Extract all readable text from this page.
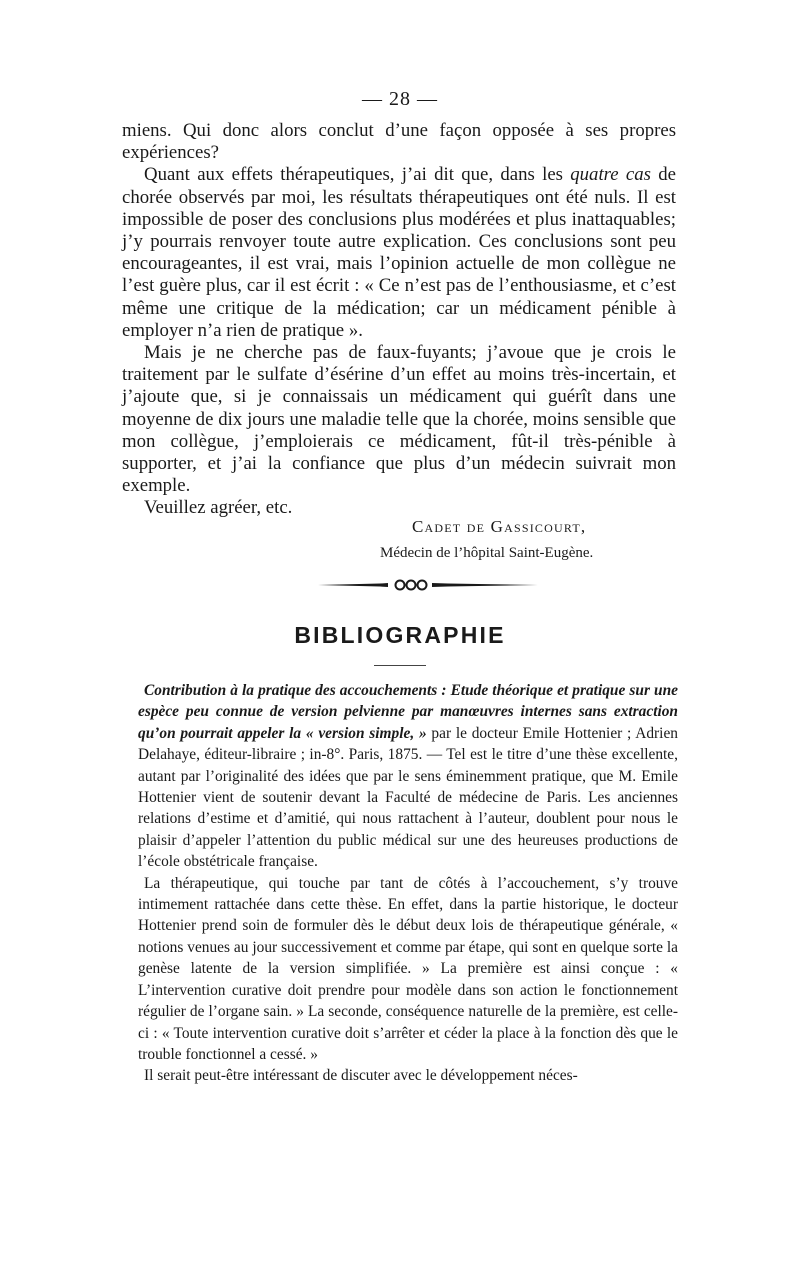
— 28 —

miens. Qui donc alors conclut d’une façon opposée à ses propres expériences?

Quant aux effets thérapeutiques, j’ai dit que, dans les quatre cas de chorée observés par moi, les résultats thérapeutiques ont été nuls. Il est impossible de poser des conclusions plus modérées et plus inattaquables; j’y pourrais renvoyer toute autre explication. Ces conclusions sont peu encourageantes, il est vrai, mais l’opinion actuelle de mon collègue ne l’est guère plus, car il est écrit : « Ce n’est pas de l’enthousiasme, et c’est même une critique de la médication; car un médicament pénible à employer n’a rien de pratique ».

Mais je ne cherche pas de faux-fuyants; j’avoue que je crois le traitement par le sulfate d’ésérine d’un effet au moins très-incertain, et j’ajoute que, si je connaissais un médicament qui guérît dans une moyenne de dix jours une maladie telle que la chorée, moins sensible que mon collègue, j’emploierais ce médicament, fût-il très-pénible à supporter, et j’ai la confiance que plus d’un médecin suivrait mon exemple.

Veuillez agréer, etc.

Cadet de Gassicourt,
Médecin de l’hôpital Saint-Eugène.
BIBLIOGRAPHIE

Contribution à la pratique des accouchements : Etude théorique et pratique sur une espèce peu connue de version pelvienne par manœuvres internes sans extraction qu’on pourrait appeler la « version simple, » par le docteur Emile Hottenier ; Adrien Delahaye, éditeur-libraire ; in-8°. Paris, 1875. — Tel est le titre d’une thèse excellente, autant par l’originalité des idées que par le sens éminemment pratique, que M. Emile Hottenier vient de soutenir devant la Faculté de médecine de Paris. Les anciennes relations d’estime et d’amitié, qui nous rattachent à l’auteur, doublent pour nous le plaisir d’appeler l’attention du public médical sur une des heureuses productions de l’école obstétricale française.

La thérapeutique, qui touche par tant de côtés à l’accouchement, s’y trouve intimement rattachée dans cette thèse. En effet, dans la partie historique, le docteur Hottenier prend soin de formuler dès le début deux lois de thérapeutique générale, « notions venues au jour successivement et comme par étape, qui sont en quelque sorte la genèse latente de la version simplifiée. » La première est ainsi conçue : « L’intervention curative doit prendre pour modèle dans son action le fonctionnement régulier de l’organe sain. » La seconde, conséquence naturelle de la première, est celle-ci : « Toute intervention curative doit s’arrêter et céder la place à la fonction dès que le trouble fonctionnel a cessé. »

Il serait peut-être intéressant de discuter avec le développement néces-
